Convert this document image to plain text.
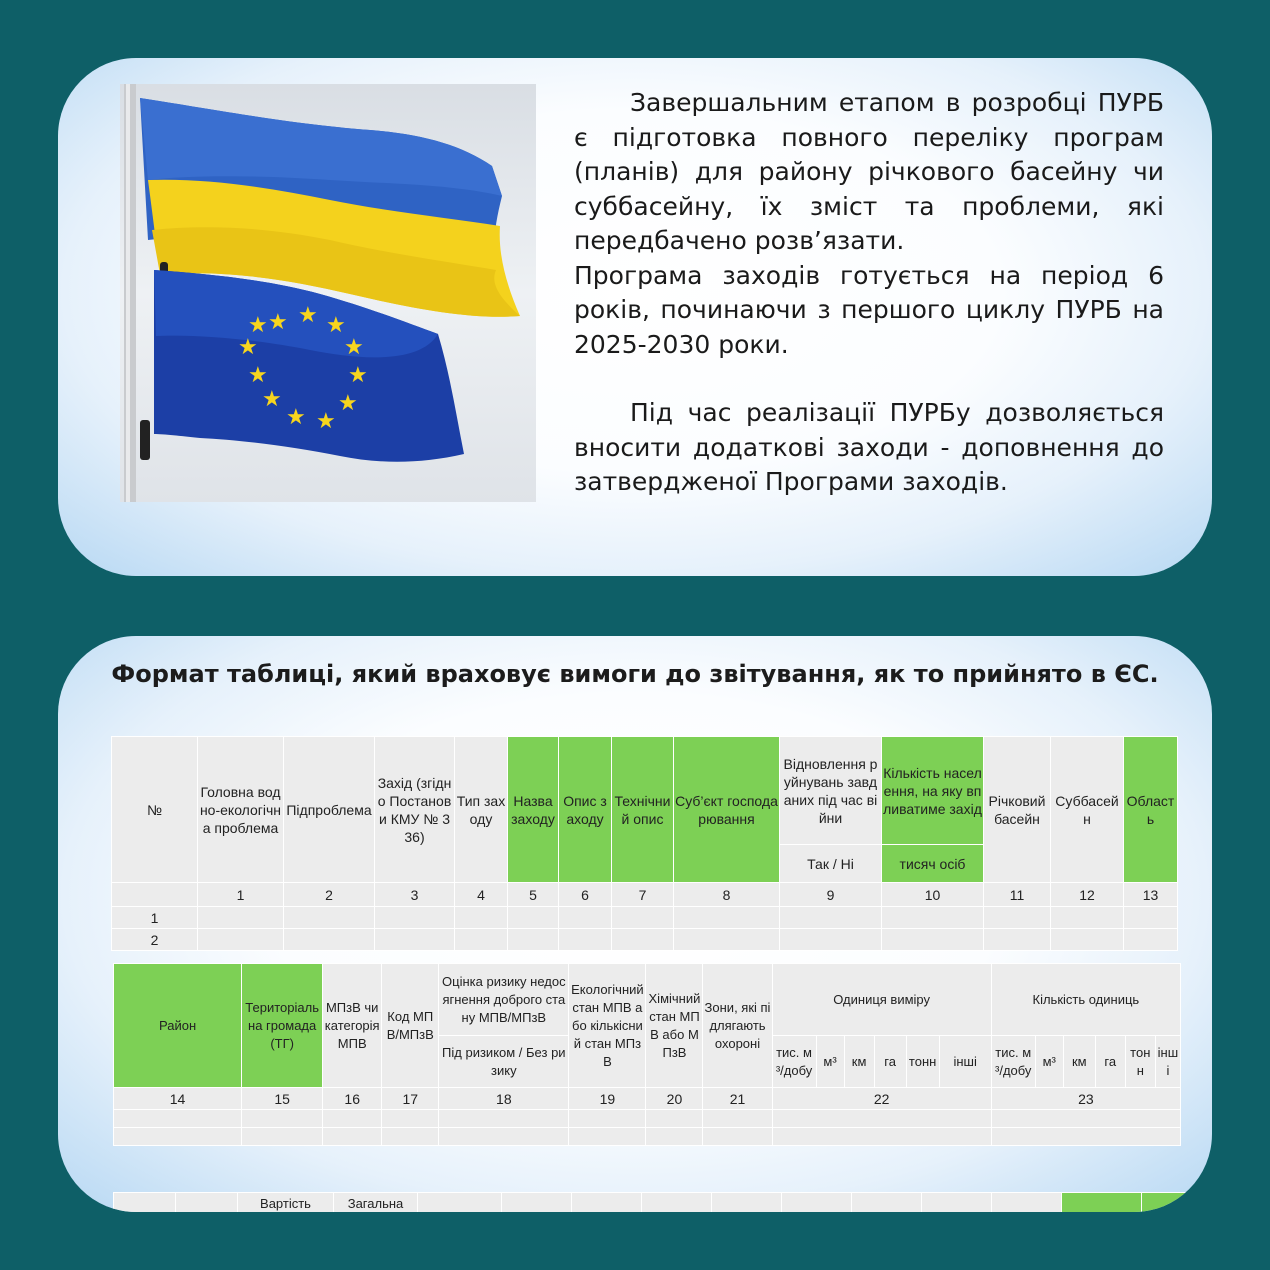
★ ★ ★
★
★
★
★
★
★
★
★
★

Завершальним етапом в розробці ПУРБ є підготовка повного переліку програм (планів) для району річкового басейну чи суббасейну, їх зміст та проблеми, які передбачено розв’язати.

Програма заходів готується на період 6 років, починаючи з першого циклу ПУРБ на 2025-2030 роки.

Під час реалізації ПУРБу дозволяється вносити додаткові заходи - доповнення до затвердженої Програми заходів.

Формат таблиці, який враховує вимоги до звітування, як то прийнято в ЄС.
№	Головна водно-екологічна проблема	Підпроблема	Захід (згідно Постанови КМУ № 336)	Тип заходу	Назва заходу	Опис заходу	Технічний опис	Суб’єкт господарювання	Відновлення руйнувань завданих під час війни	Кількість населення, на яку впливатиме захід	Річковий басейн	Суббасейн	Область
									Так / Ні	тисяч осіб			
	1	2	3	4	5	6	7	8	9	10	11	12	13
1													
2													
Район	Територіальна громада (ТГ)	МПзВ чи категорія МПВ	Код МПВ/МПзВ	Оцінка ризику недосягнення доброго стану МПВ/МПзВ	Екологічний стан МПВ або кількісний стан МПзВ	Хімічний стан МПВ або МПзВ	Зони, які підлягають охороні	Одиниця виміру						Кількість одиниць					
				Під ризиком / Без ризику				тис. м³/добу	м³	км	га	тонн	інші	тис. м³/добу	м³	км	га	тонн	інші
14	15	16	17	18	19	20	21	22						23					

		Вартість	Загальна											
